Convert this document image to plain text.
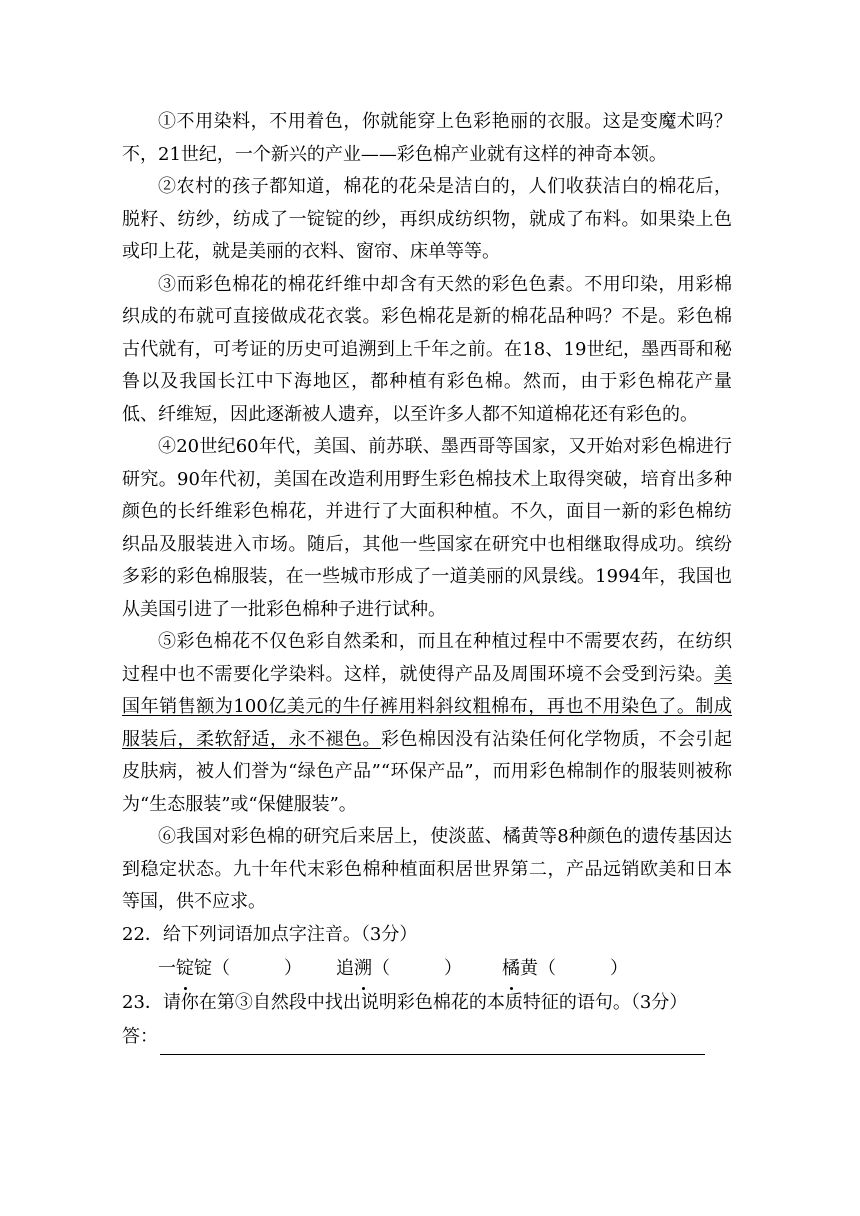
①不用染料，不用着色，你就能穿上色彩艳丽的衣服。这是变魔术吗？不，21世纪，一个新兴的产业——彩色棉产业就有这样的神奇本领。

②农村的孩子都知道，棉花的花朵是洁白的，人们收获洁白的棉花后，脱籽、纺纱，纺成了一锭锭的纱，再织成纺织物，就成了布料。如果染上色或印上花，就是美丽的衣料、窗帘、床单等等。

③而彩色棉花的棉花纤维中却含有天然的彩色色素。不用印染，用彩棉织成的布就可直接做成花衣裳。彩色棉花是新的棉花品种吗？不是。彩色棉古代就有，可考证的历史可追溯到上千年之前。在18、19世纪，墨西哥和秘鲁以及我国长江中下海地区，都种植有彩色棉。然而，由于彩色棉花产量低、纤维短，因此逐渐被人遗弃，以至许多人都不知道棉花还有彩色的。

④20世纪60年代，美国、前苏联、墨西哥等国家，又开始对彩色棉进行研究。90年代初，美国在改造利用野生彩色棉技术上取得突破，培育出多种颜色的长纤维彩色棉花，并进行了大面积种植。不久，面目一新的彩色棉纺织品及服装进入市场。随后，其他一些国家在研究中也相继取得成功。缤纷多彩的彩色棉服装，在一些城市形成了一道美丽的风景线。1994年，我国也从美国引进了一批彩色棉种子进行试种。

⑤彩色棉花不仅色彩自然柔和，而且在种植过程中不需要农药，在纺织过程中也不需要化学染料。这样，就使得产品及周围环境不会受到污染。美国年销售额为100亿美元的牛仔裤用料斜纹粗棉布，再也不用染色了。制成服装后，柔软舒适，永不褪色。彩色棉因没有沾染任何化学物质，不会引起皮肤病，被人们誉为“绿色产品”“环保产品”，而用彩色棉制作的服装则被称为“生态服装”或“保健服装”。

⑥我国对彩色棉的研究后来居上，使淡蓝、橘黄等8种颜色的遗传基因达到稳定状态。九十年代末彩色棉种植面积居世界第二，产品远销欧美和日本等国，供不应求。

22．给下列词语加点字注音。（3分）

一锭锭（　　　）	追溯（　　　）	橘黄（　　　）

23．请你在第③自然段中找出说明彩色棉花的本质特征的语句。（3分）

答：
